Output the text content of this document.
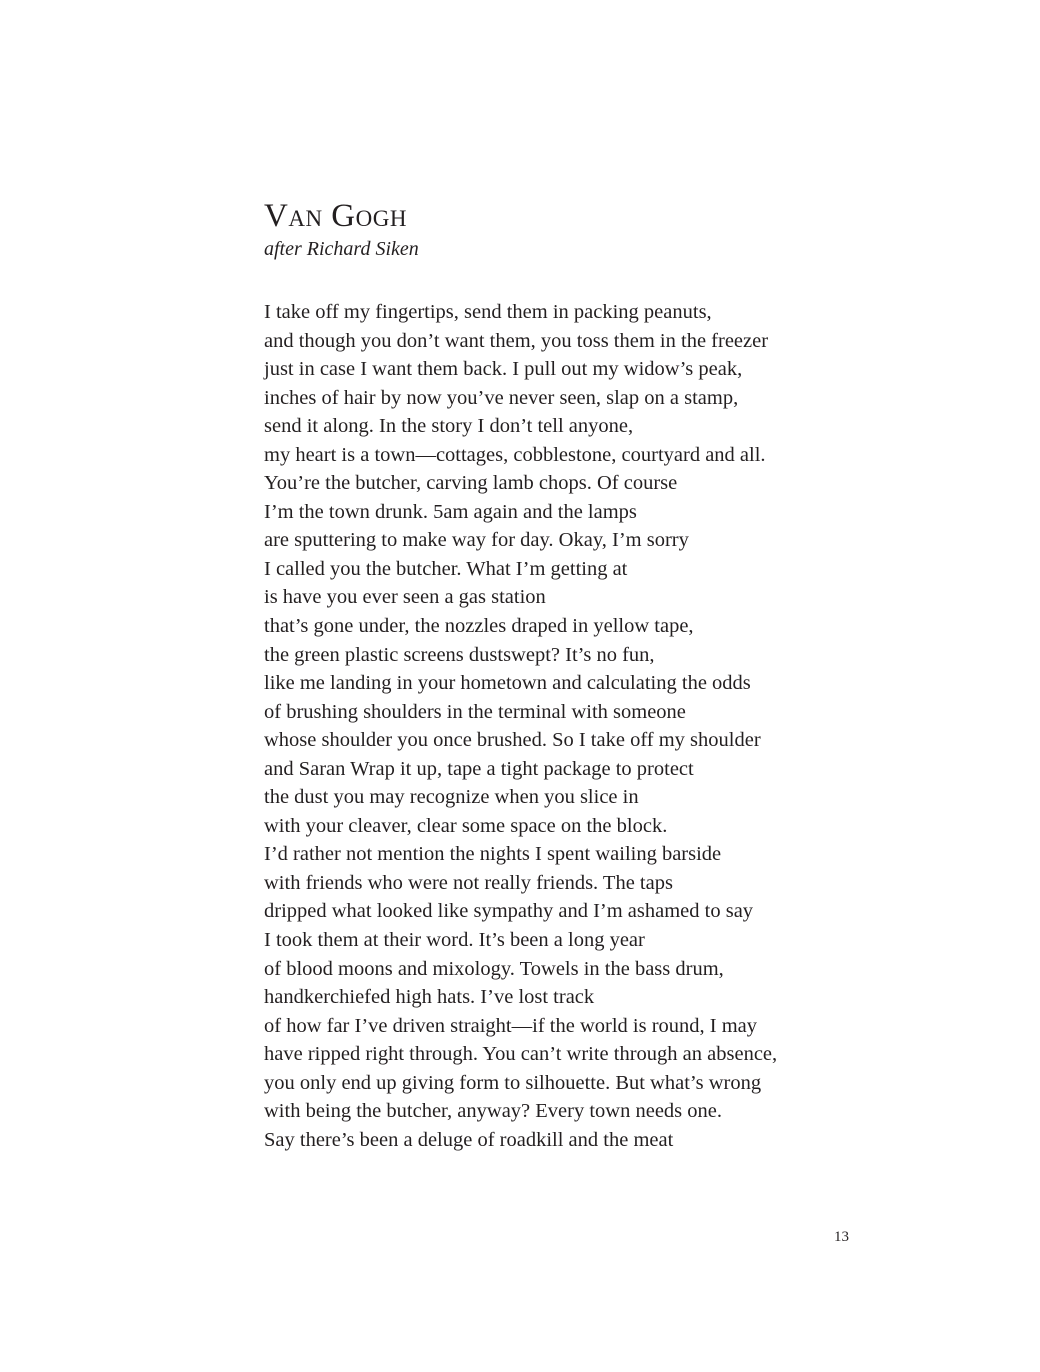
Van Gogh
after Richard Siken
I take off my fingertips, send them in packing peanuts,
and though you don’t want them, you toss them in the freezer
just in case I want them back. I pull out my widow’s peak,
inches of hair by now you’ve never seen, slap on a stamp,
send it along. In the story I don’t tell anyone,
my heart is a town—cottages, cobblestone, courtyard and all.
You’re the butcher, carving lamb chops. Of course
I’m the town drunk. 5am again and the lamps
are sputtering to make way for day. Okay, I’m sorry
I called you the butcher. What I’m getting at
is have you ever seen a gas station
that’s gone under, the nozzles draped in yellow tape,
the green plastic screens dustswept? It’s no fun,
like me landing in your hometown and calculating the odds
of brushing shoulders in the terminal with someone
whose shoulder you once brushed. So I take off my shoulder
and Saran Wrap it up, tape a tight package to protect
the dust you may recognize when you slice in
with your cleaver, clear some space on the block.
I’d rather not mention the nights I spent wailing barside
with friends who were not really friends. The taps
dripped what looked like sympathy and I’m ashamed to say
I took them at their word. It’s been a long year
of blood moons and mixology. Towels in the bass drum,
handkerchiefed high hats. I’ve lost track
of how far I’ve driven straight—if the world is round, I may
have ripped right through. You can’t write through an absence,
you only end up giving form to silhouette. But what’s wrong
with being the butcher, anyway? Every town needs one.
Say there’s been a deluge of roadkill and the meat
13
